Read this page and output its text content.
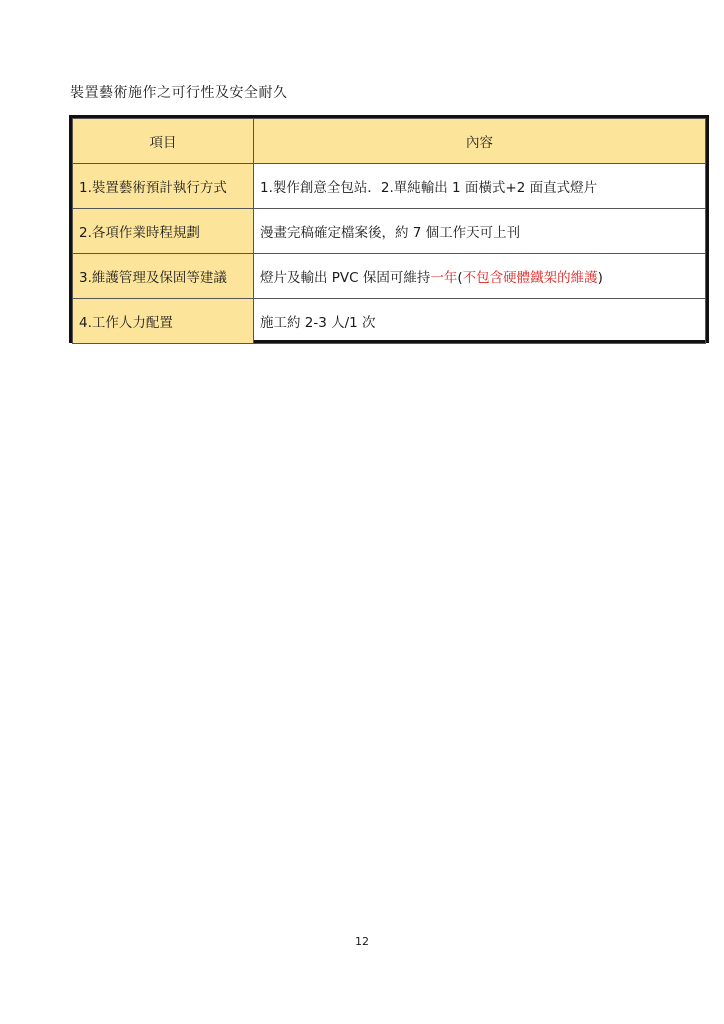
裝置藝術施作之可行性及安全耐久
項目	內容
1.裝置藝術預計執行方式	1.製作創意全包站．2.單純輸出 1 面橫式+2 面直式燈片
2.各項作業時程規劃	漫畫完稿確定檔案後，約 7 個工作天可上刊
3.維護管理及保固等建議	燈片及輸出 PVC 保固可維持一年(不包含硬體鐵架的維護)
4.工作人力配置	施工約 2-3 人/1 次
12
